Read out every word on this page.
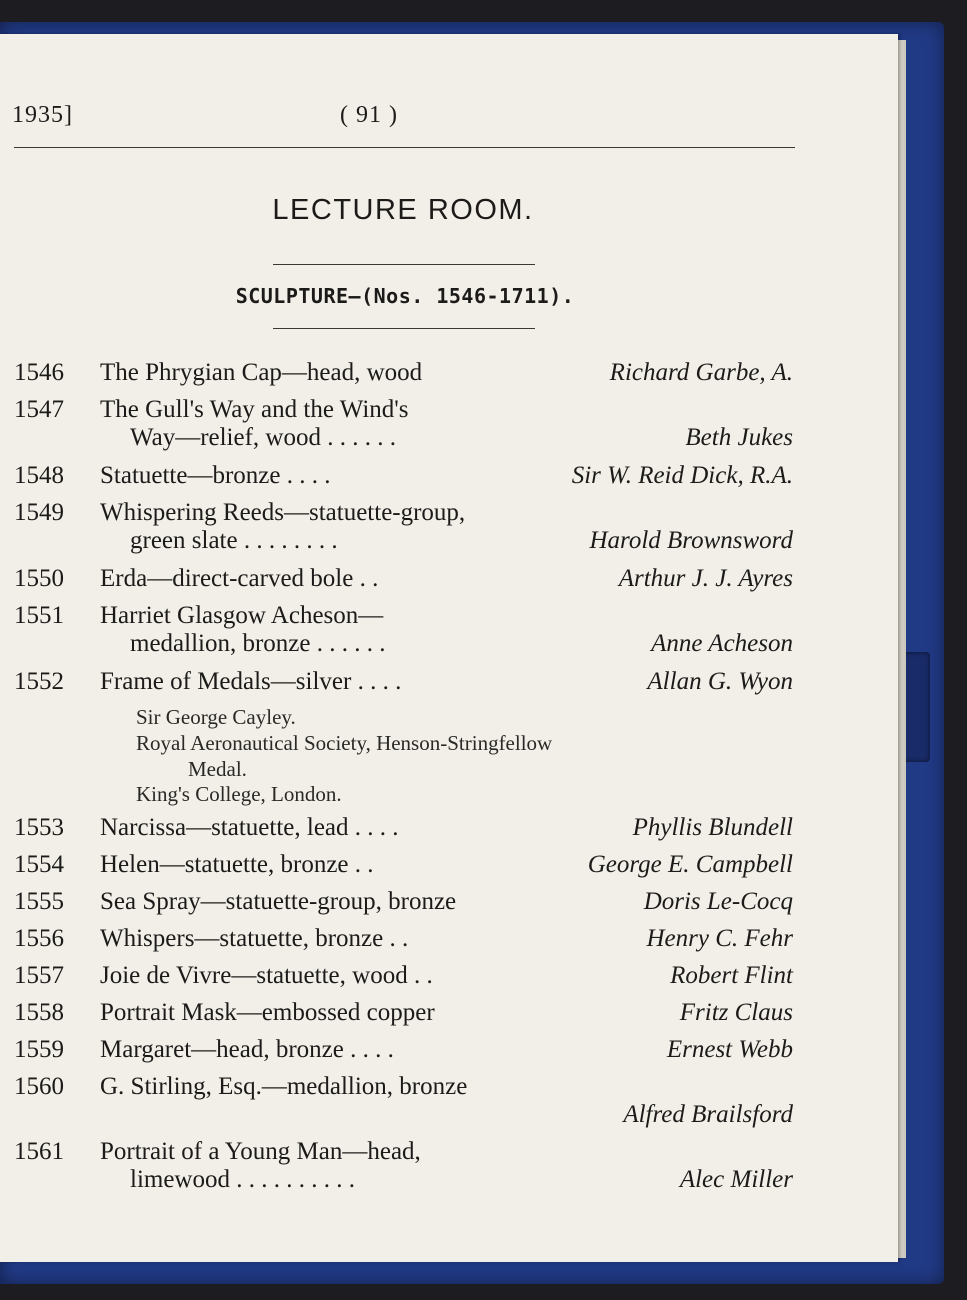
1935]	( 91 )
LECTURE ROOM.
SCULPTURE—(Nos. 1546-1711).
1546 The Phrygian Cap—head, wood	Richard Garbe, A.
1547 The Gull's Way and the Wind's
Way—relief, wood . . . . . .	Beth Jukes
1548 Statuette—bronze . . . .	Sir W. Reid Dick, R.A.
1549 Whispering Reeds—statuette-group,
green slate . . . . . . . .	Harold Brownsword
1550 Erda—direct-carved bole . .	Arthur J. J. Ayres
1551 Harriet Glasgow Acheson—
medallion, bronze . . . . . .	Anne Acheson
1552 Frame of Medals—silver . . . .	Allan G. Wyon
Sir George Cayley.
Royal Aeronautical Society, Henson-Stringfellow
Medal.
King's College, London.
1553 Narcissa—statuette, lead . . . .	Phyllis Blundell
1554 Helen—statuette, bronze . .	George E. Campbell
1555 Sea Spray—statuette-group, bronze	Doris Le-Cocq
1556 Whispers—statuette, bronze . .	Henry C. Fehr
1557 Joie de Vivre—statuette, wood . .	Robert Flint
1558 Portrait Mask—embossed copper	Fritz Claus
1559 Margaret—head, bronze . . . .	Ernest Webb
1560 G. Stirling, Esq.—medallion, bronze
Alfred Brailsford
1561 Portrait of a Young Man—head,
limewood . . . . . . . . . .	Alec Miller
